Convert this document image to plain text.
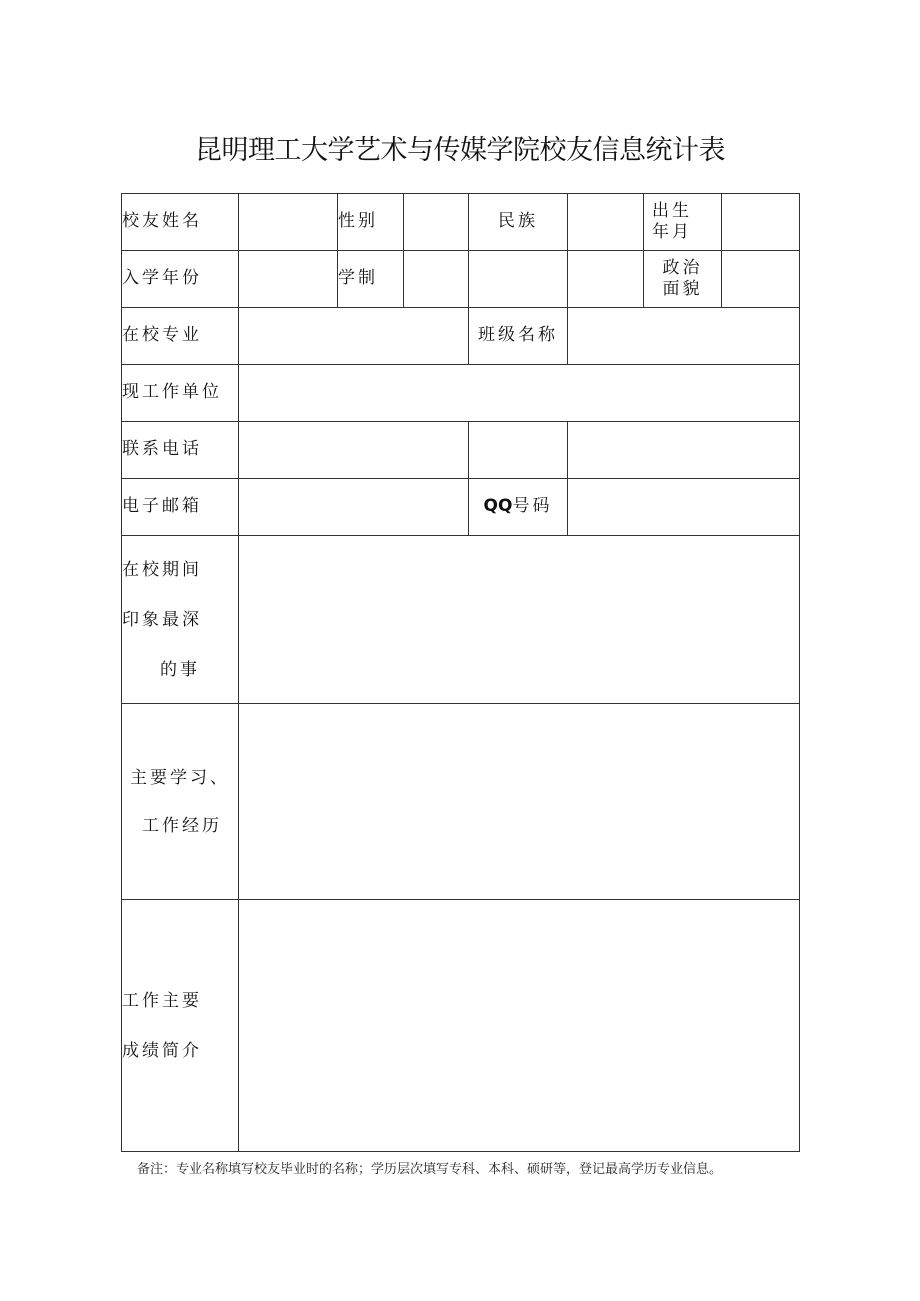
昆明理工大学艺术与传媒学院校友信息统计表
校友姓名		性别		民族		出生
年月	

入学年份		学制				政治
面貌	

在校专业				班级名称			
现工作单位							
联系电话							
电子邮箱				QQ号码			

在校期间
印象最深
的事							

主要学习、
工作经历							

工作主要
成绩简介							

备注：专业名称填写校友毕业时的名称；学历层次填写专科、本科、硕研等，登记最高学历专业信息。
